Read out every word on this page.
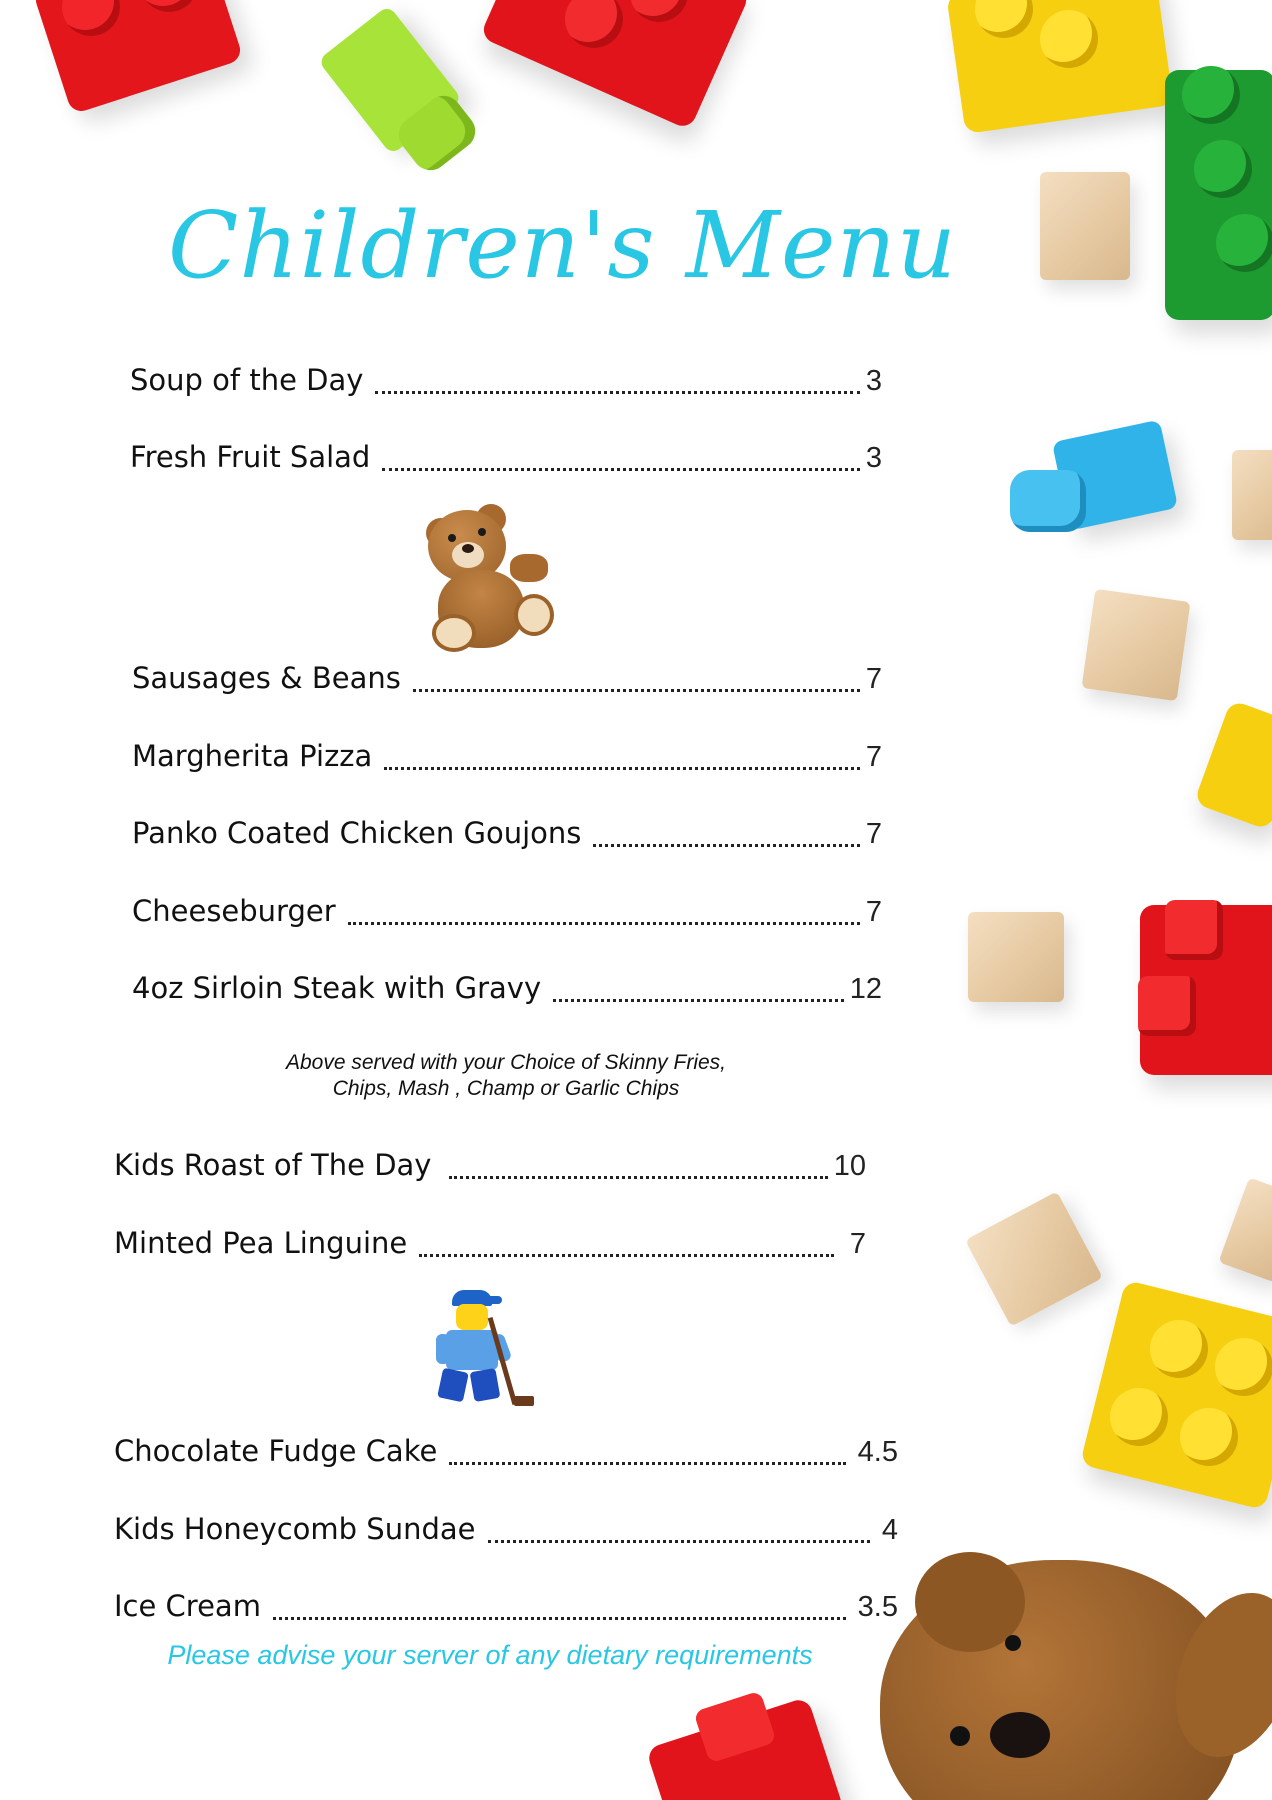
Children's Menu
Soup of the Day	3
Fresh Fruit Salad	3
Sausages & Beans	7
Margherita Pizza	7
Panko Coated Chicken Goujons	7
Cheeseburger	7
4oz Sirloin Steak with Gravy	12
Above served with your Choice of Skinny Fries,
Chips, Mash , Champ or Garlic Chips
Kids Roast of The Day	10
Minted Pea Linguine	7
Chocolate Fudge Cake	4.5
Kids Honeycomb Sundae	4
Ice Cream	3.5
Please advise your server of any dietary requirements
